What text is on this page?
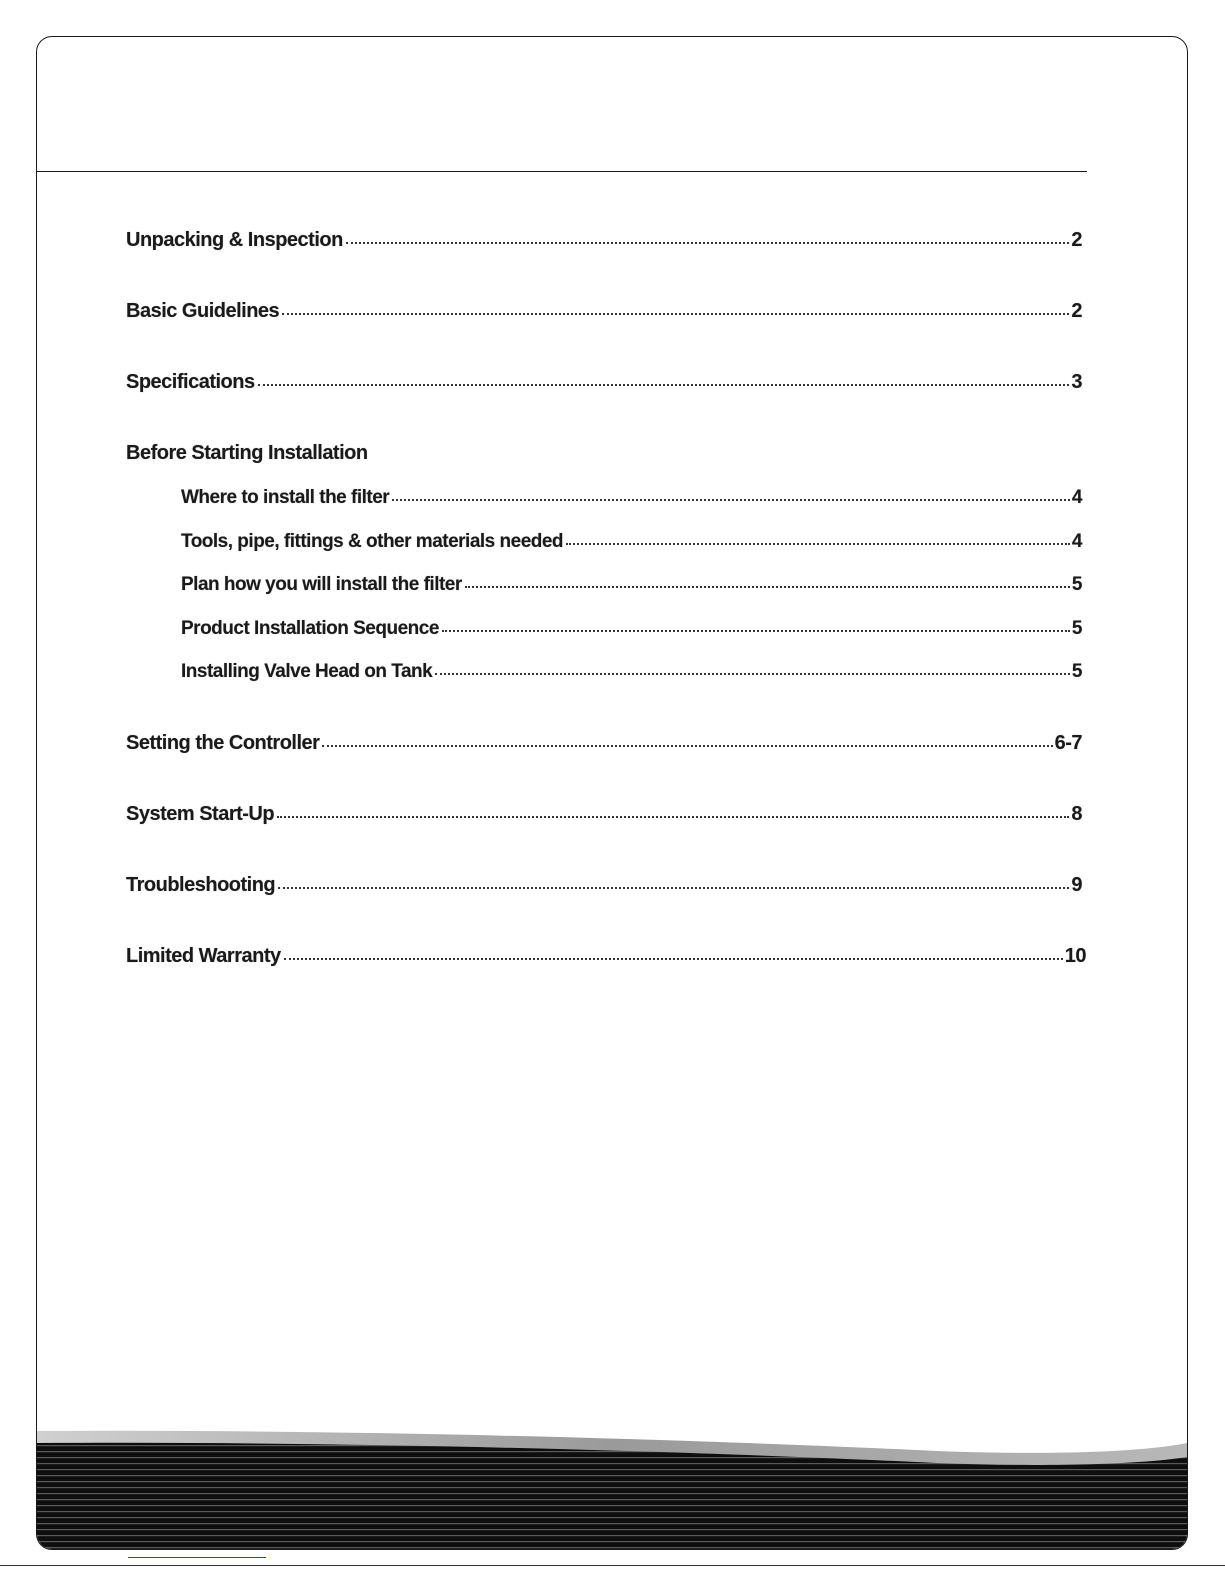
Unpacking & Inspection	2
Basic Guidelines	2
Specifications	3
Before Starting Installation
Where to install the filter	4
Tools, pipe, fittings & other materials needed	4
Plan how you will install the filter	5
Product Installation Sequence	5
Installing Valve Head on Tank	5
Setting the Controller	6-7
System Start-Up	8
Troubleshooting	9
Limited Warranty	10
